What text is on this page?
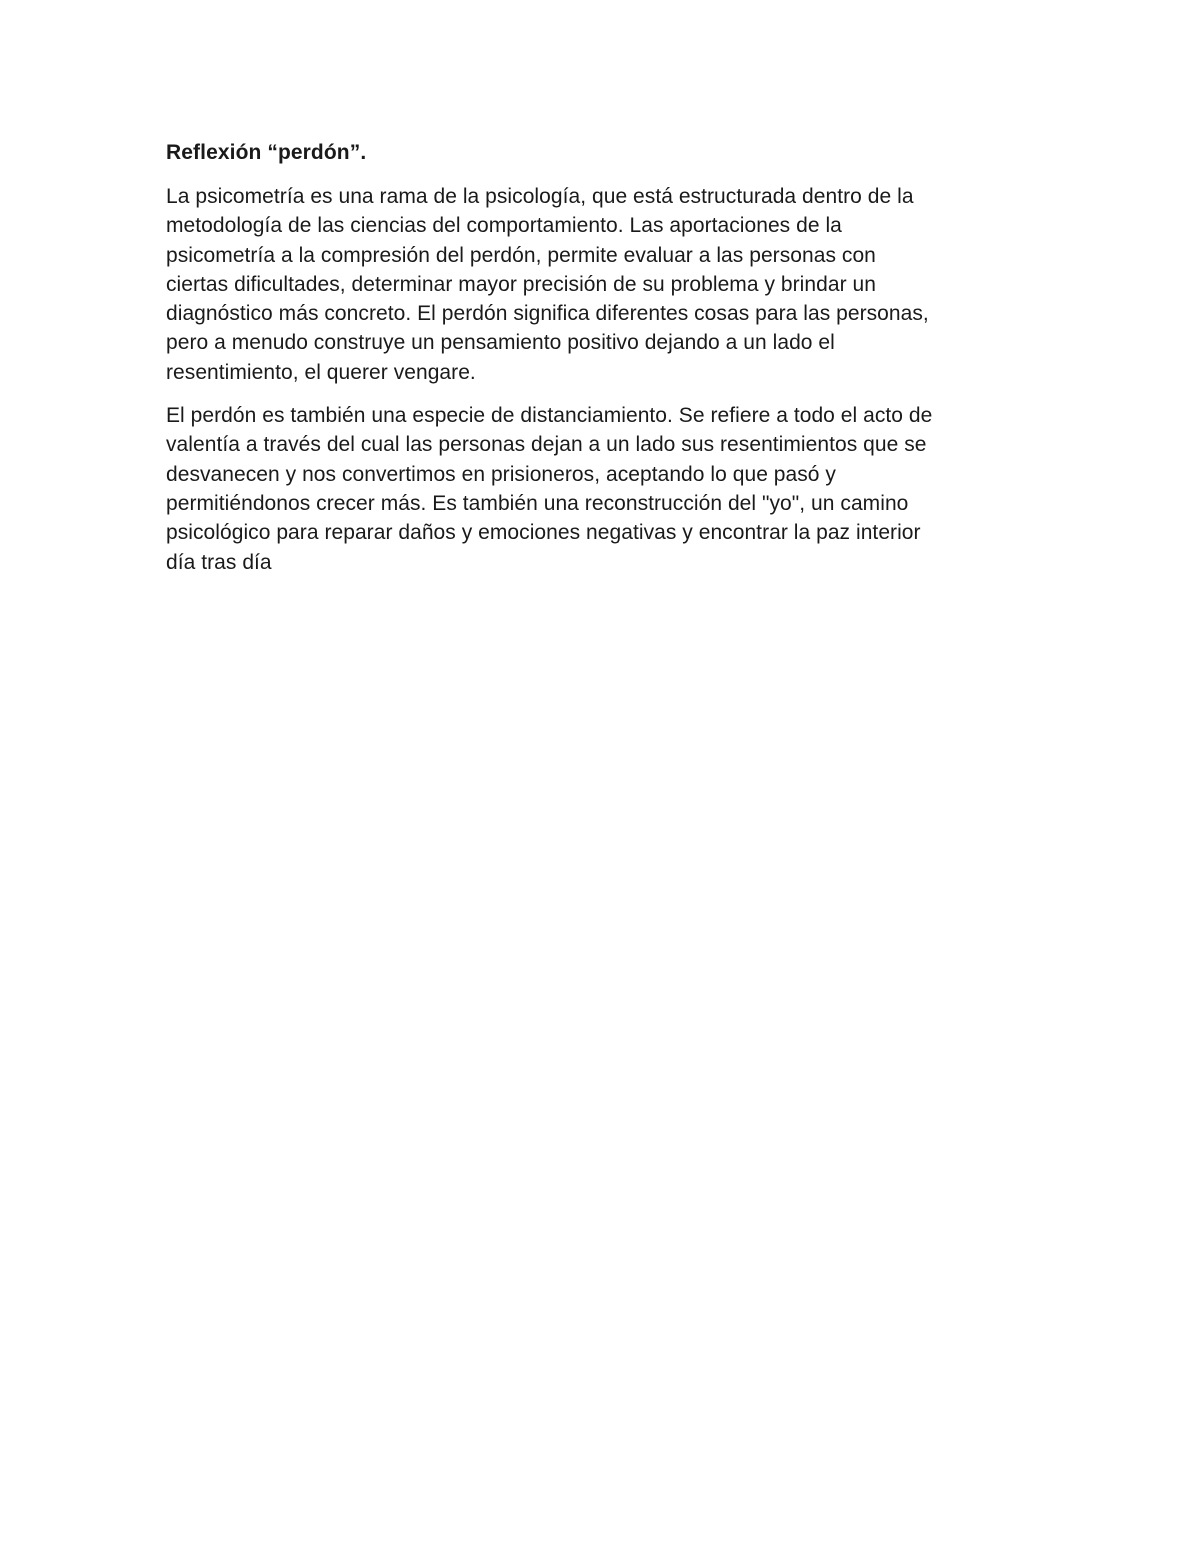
Reflexión “perdón”.

La psicometría es una rama de la psicología, que está estructurada dentro de la
metodología de las ciencias del comportamiento. Las aportaciones de la
psicometría a la compresión del perdón, permite evaluar a las personas con
ciertas dificultades, determinar mayor precisión de su problema y brindar un
diagnóstico más concreto. El perdón significa diferentes cosas para las personas,
pero a menudo construye un pensamiento positivo dejando a un lado el
resentimiento, el querer vengare.

El perdón es también una especie de distanciamiento. Se refiere a todo el acto de
valentía a través del cual las personas dejan a un lado sus resentimientos que se
desvanecen y nos convertimos en prisioneros, aceptando lo que pasó y
permitiéndonos crecer más. Es también una reconstrucción del "yo", un camino
psicológico para reparar daños y emociones negativas y encontrar la paz interior
día tras día
